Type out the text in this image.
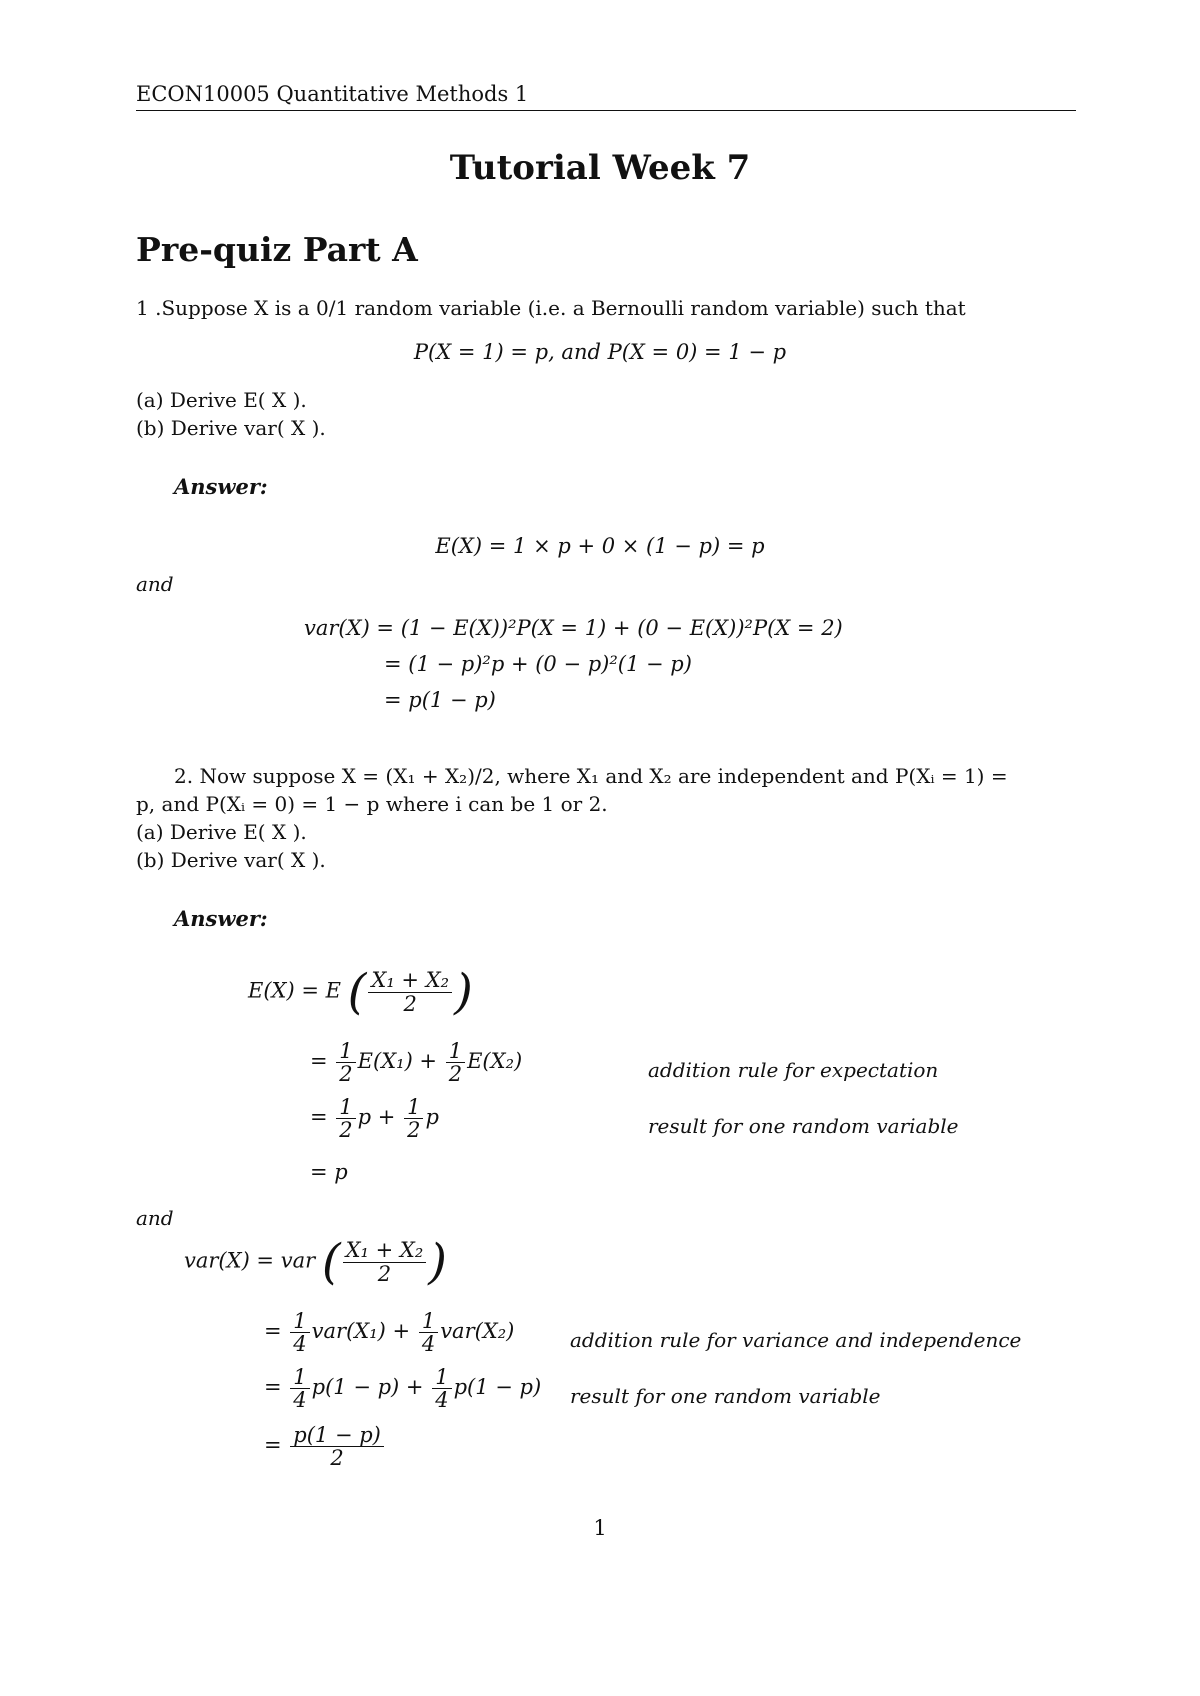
ECON10005 Quantitative Methods 1
Tutorial Week 7
Pre-quiz Part A
1 .Suppose X is a 0/1 random variable (i.e. a Bernoulli random variable) such that
P(X = 1) = p, and P(X = 0) = 1 − p
(a) Derive E( X ).
(b) Derive var( X ).
Answer:
E(X) = 1 × p + 0 × (1 − p) = p
and
var(X) = (1 − E(X))²P(X = 1) + (0 − E(X))²P(X = 2)
= (1 − p)²p + (0 − p)²(1 − p)
= p(1 − p)
2. Now suppose X = (X₁ + X₂)/2, where X₁ and X₂ are independent and P(Xᵢ = 1) =
p, and P(Xᵢ = 0) = 1 − p where i can be 1 or 2.
(a) Derive E( X ).
(b) Derive var( X ).
Answer:
E(X) = E ( $\frac{\text{X₁ + X₂}}{2}$ )
= $\frac{1}{2} E(X_1) + \frac{1}{2} E(X_2)$	addition rule for expectation
= $\frac{1}{2}$ $p + \frac{1}{2}$ p	result for one random variable
= p
and
var(X) = var ( $\frac{\text{X₁ + X₂}}{2}$ )
= $\frac{1}{4} var(X_1) + \frac{1}{4} var(X_2)$	addition rule for variance and independence
= $\frac{1}{4} p(1 - p) + \frac{1}{4} p(1 - p)$ result for one random variable
= $\frac{p(1 - p)}{2}$
1
